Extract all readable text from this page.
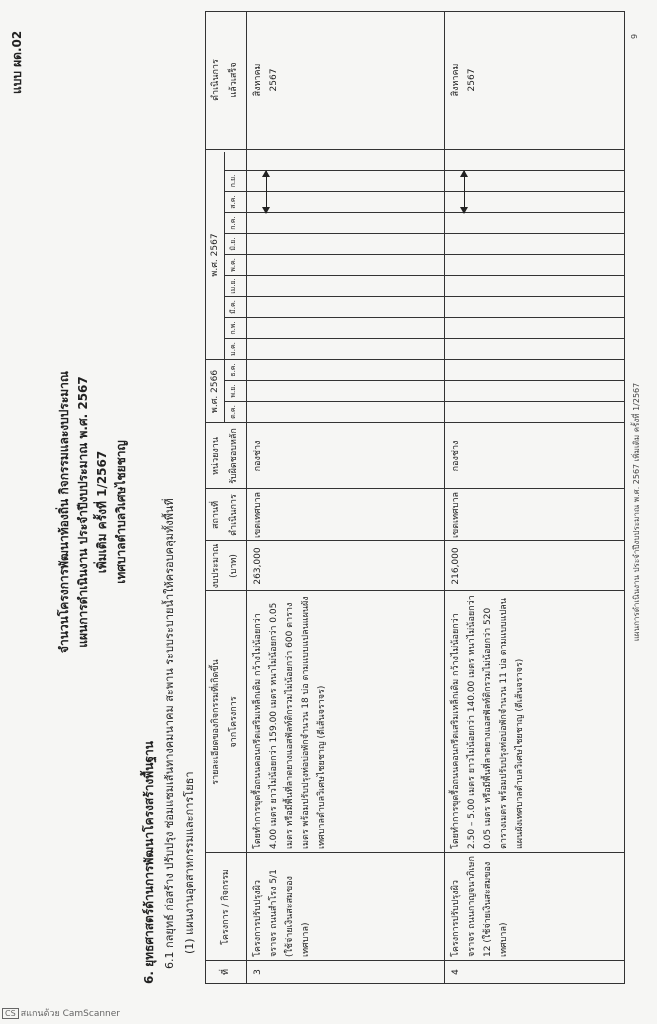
แบบ ผด.02
จำนวนโครงการพัฒนาท้องถิ่น กิจกรรมและงบประมาณ แผนการดำเนินงาน ประจำปีงบประมาณ พ.ศ. 2567 เพิ่มเติม ครั้งที่ 1/2567 เทศบาลตำบลวิเศษไชยชาญ
6. ยุทธศาสตร์ด้านการพัฒนาโครงสร้างพื้นฐาน 6.1 กลยุทธ์ ก่อสร้าง ปรับปรุง ซ่อมแซมเส้นทางคมนาคม สะพาน ระบบระบายน้ำให้ครอบคลุมทั้งพื้นที่ (1) แผนงานอุตสาหกรรมและการโยธา
ที่
โครงการ / กิจกรรม
รายละเอียดของกิจกรรมที่เกิดขึ้น จากโครงการ
งบประมาณ (บาท)
สถานที่ ดำเนินการ
หน่วยงาน รับผิดชอบหลัก
พ.ศ. 2566
พ.ศ. 2567
ดำเนินการ แล้วเสร็จ
ต.ค.
พ.ย.
ธ.ค.
ม.ค.
ก.พ.
มี.ค.
เม.ย.
พ.ค.
มิ.ย.
ก.ค.
ส.ค.
ก.ย.
3
โครงการปรับปรุงผิวจราจร ถนนสำโรง 5/1 (ใช้จ่ายเงินสะสมของเทศบาล)
โดยทำการขุดรื้อถนนคอนกรีตเสริมเหล็กเดิม กว้างไม่น้อยกว่า 4.00 เมตร ยาวไม่น้อยกว่า 159.00 เมตร หนาไม่น้อยกว่า 0.05 เมตร หรือมีพื้นที่ลาดยางแอสฟัลท์ติกรวมไม่น้อยกว่า 600 ตารางเมตร พร้อมปรับปรุงท่อบ่อพักจำนวน 18 บ่อ ตามแบบแปลนแผนผังเทศบาลตำบลวิเศษไชยชาญ (ตีเส้นจราจร)
263,000
เขตเทศบาล
กองช่าง
สิงหาคม 2567
4
โครงการปรับปรุงผิวจราจร ถนนกาญจนาภิเษก 12 (ใช้จ่ายเงินสะสมของเทศบาล)
โดยทำการขุดรื้อถนนคอนกรีตเสริมเหล็กเดิม กว้างไม่น้อยกว่า 2.50 – 5.00 เมตร ยาวไม่น้อยกว่า 140.00 เมตร หนาไม่น้อยกว่า 0.05 เมตร หรือมีพื้นที่ลาดยางแอสฟัลท์ติกรวมไม่น้อยกว่า 520 ตารางเมตร พร้อมปรับปรุงท่อบ่อพักจำนวน 11 บ่อ ตามแบบแปลนแผนผังเทศบาลตำบลวิเศษไชยชาญ (ตีเส้นจราจร)
216,000
เขตเทศบาล
กองช่าง
สิงหาคม 2567
แผนการดำเนินงาน ประจำปีงบประมาณ พ.ศ. 2567 เพิ่มเติม ครั้งที่ 1/2567
9
CS สแกนด้วย CamScanner
